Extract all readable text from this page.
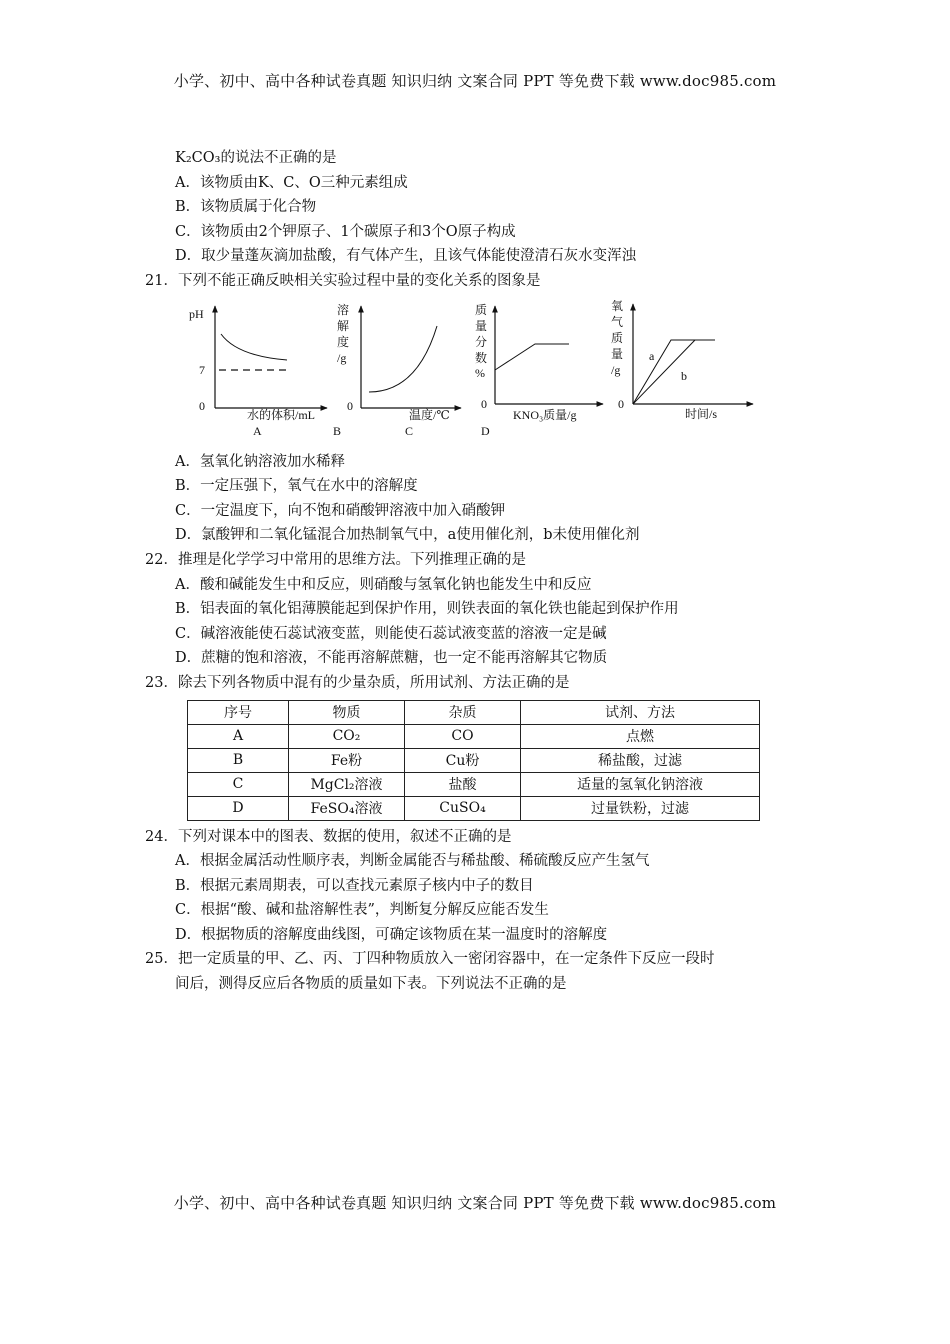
小学、初中、高中各种试卷真题 知识归纳 文案合同 PPT 等免费下载 www.doc985.com
K₂CO₃的说法不正确的是
A．该物质由K、C、O三种元素组成
B．该物质属于化合物
C．该物质由2个钾原子、1个碳原子和3个O原子构成
D．取少量蓬灰滴加盐酸，有气体产生，且该气体能使澄清石灰水变浑浊
21．下列不能正确反映相关实验过程中量的变化关系的图象是
pH
7
0
水的体积/mL
A
溶
解
度
/g
0
温度/℃
B	C
质
量
分
数
%
0
KNO₃质量/g
D
氧
气
质
量
/g
a
b
0
时间/s
A．氢氧化钠溶液加水稀释
B．一定压强下，氧气在水中的溶解度
C．一定温度下，向不饱和硝酸钾溶液中加入硝酸钾
D．氯酸钾和二氧化锰混合加热制氧气中，a使用催化剂，b未使用催化剂
22．推理是化学学习中常用的思维方法。下列推理正确的是
A．酸和碱能发生中和反应，则硝酸与氢氧化钠也能发生中和反应
B．铝表面的氧化铝薄膜能起到保护作用，则铁表面的氧化铁也能起到保护作用
C．碱溶液能使石蕊试液变蓝，则能使石蕊试液变蓝的溶液一定是碱
D．蔗糖的饱和溶液，不能再溶解蔗糖，也一定不能再溶解其它物质
23．除去下列各物质中混有的少量杂质，所用试剂、方法正确的是
序号	物质	杂质	试剂、方法
A	CO₂	CO	点燃
B	Fe粉	Cu粉	稀盐酸，过滤
C	MgCl₂溶液	盐酸	适量的氢氧化钠溶液
D	FeSO₄溶液	CuSO₄	过量铁粉，过滤
24．下列对课本中的图表、数据的使用，叙述不正确的是
A．根据金属活动性顺序表，判断金属能否与稀盐酸、稀硫酸反应产生氢气
B．根据元素周期表，可以查找元素原子核内中子的数目
C．根据“酸、碱和盐溶解性表”，判断复分解反应能否发生
D．根据物质的溶解度曲线图，可确定该物质在某一温度时的溶解度
25．把一定质量的甲、乙、丙、丁四种物质放入一密闭容器中，在一定条件下反应一段时
间后，测得反应后各物质的质量如下表。下列说法不正确的是
小学、初中、高中各种试卷真题 知识归纳 文案合同 PPT 等免费下载 www.doc985.com
